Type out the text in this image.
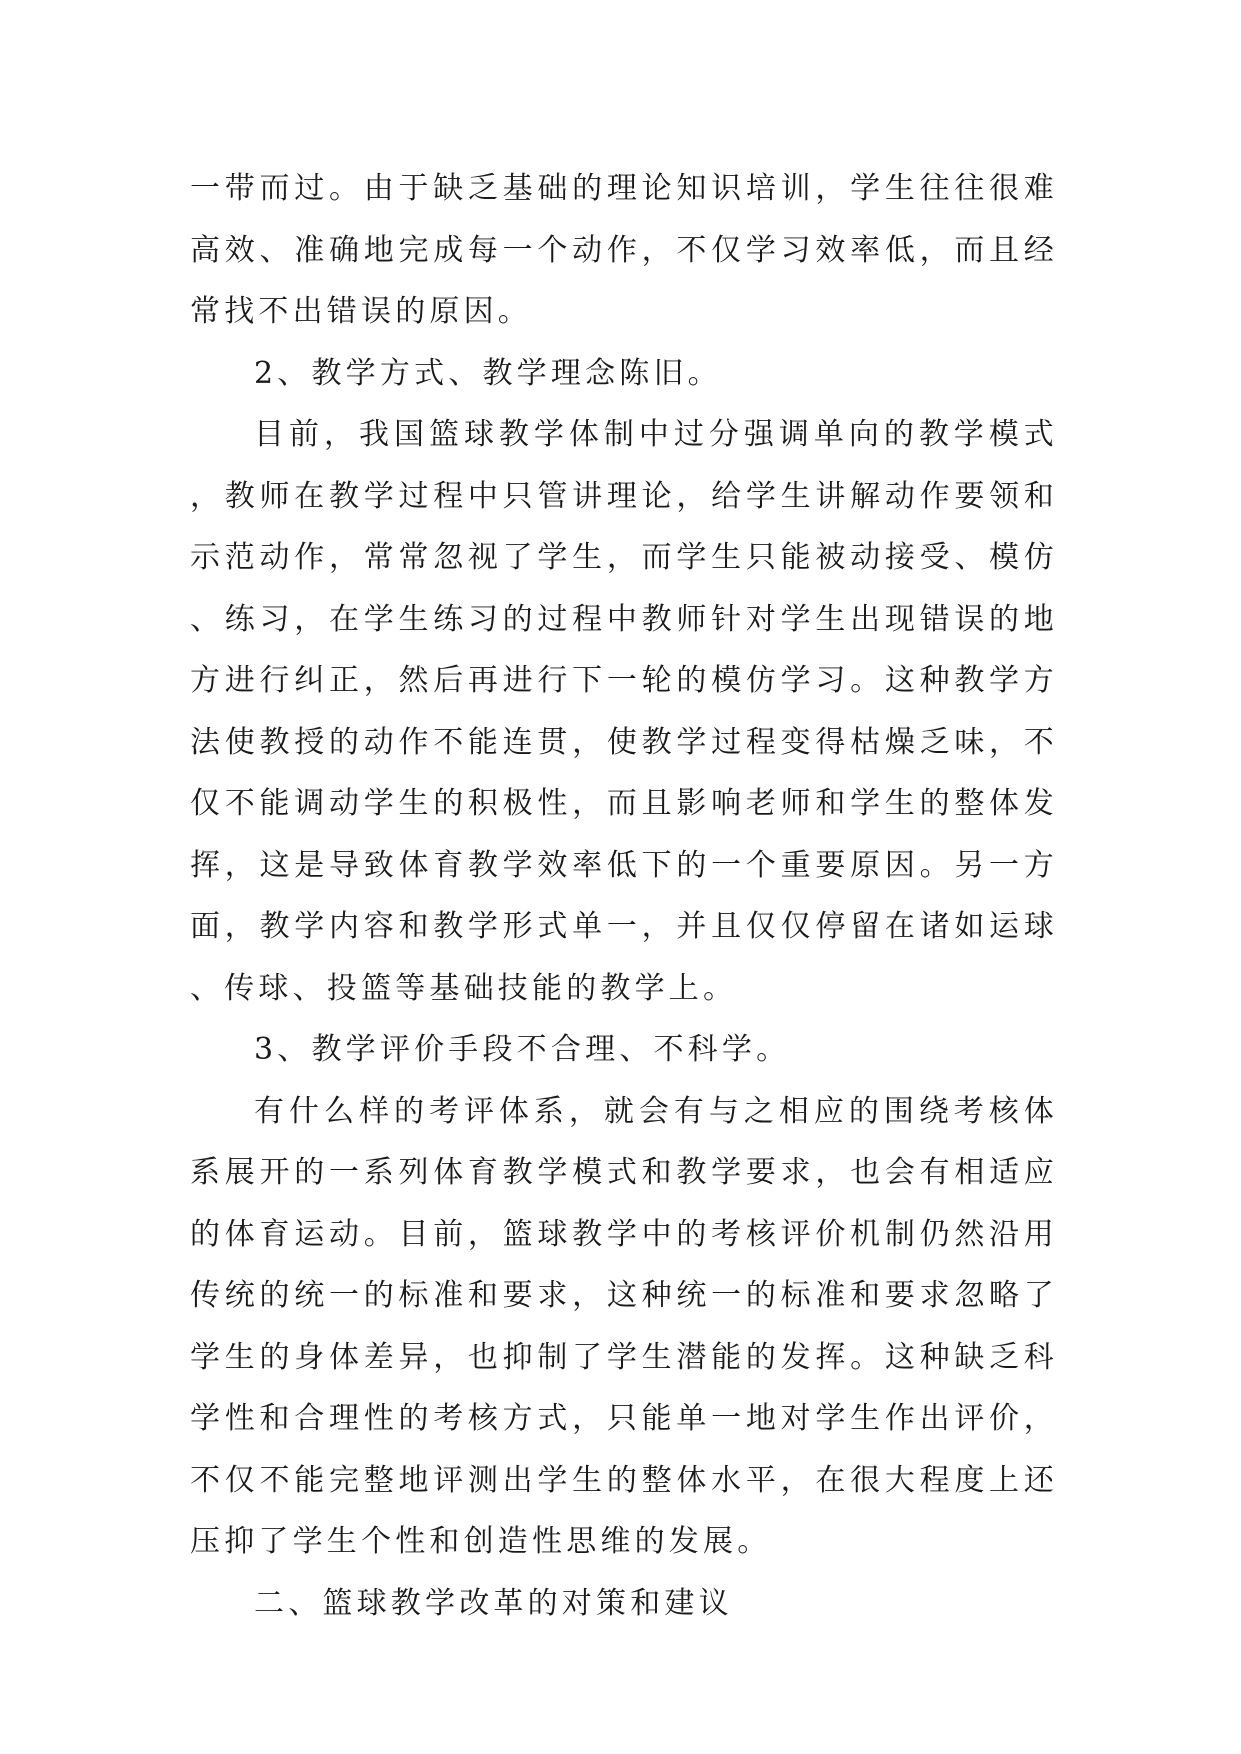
一带而过。由于缺乏基础的理论知识培训，学生往往很难高效、准确地完成每一个动作，不仅学习效率低，而且经常找不出错误的原因。

2、教学方式、教学理念陈旧。

目前，我国篮球教学体制中过分强调单向的教学模式，教师在教学过程中只管讲理论，给学生讲解动作要领和示范动作，常常忽视了学生，而学生只能被动接受、模仿、练习，在学生练习的过程中教师针对学生出现错误的地方进行纠正，然后再进行下一轮的模仿学习。这种教学方法使教授的动作不能连贯，使教学过程变得枯燥乏味，不仅不能调动学生的积极性，而且影响老师和学生的整体发挥，这是导致体育教学效率低下的一个重要原因。另一方面，教学内容和教学形式单一，并且仅仅停留在诸如运球、传球、投篮等基础技能的教学上。

3、教学评价手段不合理、不科学。

有什么样的考评体系，就会有与之相应的围绕考核体系展开的一系列体育教学模式和教学要求，也会有相适应的体育运动。目前，篮球教学中的考核评价机制仍然沿用传统的统一的标准和要求，这种统一的标准和要求忽略了学生的身体差异，也抑制了学生潜能的发挥。这种缺乏科学性和合理性的考核方式，只能单一地对学生作出评价，不仅不能完整地评测出学生的整体水平，在很大程度上还压抑了学生个性和创造性思维的发展。

二、篮球教学改革的对策和建议
